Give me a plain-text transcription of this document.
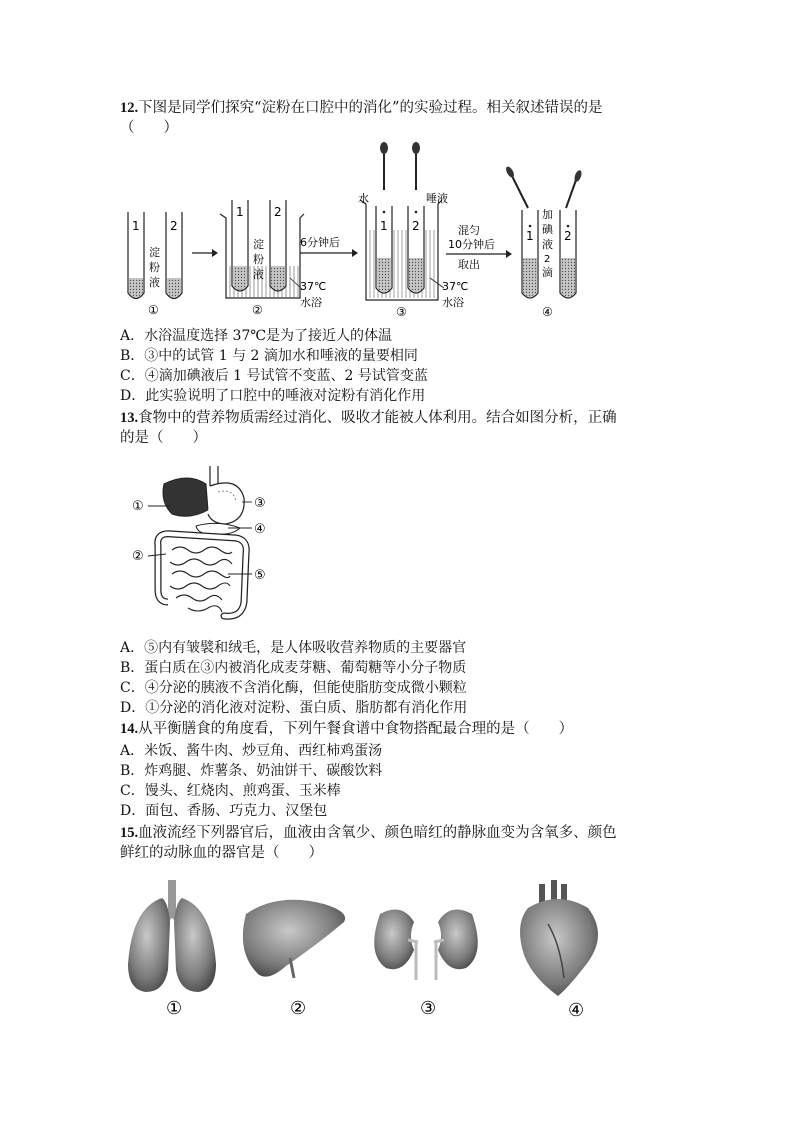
12.下图是同学们探究“淀粉在口腔中的消化”的实验过程。相关叙述错误的是
（　　）
1	2
淀
粉
液
①
1	2
淀
粉
液
37℃
水浴
②
6分钟后
水	唾液
1 2
37℃
水浴
③
混匀
10分钟后
取出
1	2
加
碘
液
2
滴
④
A．水浴温度选择 37℃是为了接近人的体温
B．③中的试管 1 与 2 滴加水和唾液的量要相同
C．④滴加碘液后 1 号试管不变蓝、2 号试管变蓝
D．此实验说明了口腔中的唾液对淀粉有消化作用
13.食物中的营养物质需经过消化、吸收才能被人体利用。结合如图分析，正确
的是（　　）
①
②
③
④
⑤
A．⑤内有皱襞和绒毛，是人体吸收营养物质的主要器官
B．蛋白质在③内被消化成麦芽糖、葡萄糖等小分子物质
C．④分泌的胰液不含消化酶，但能使脂肪变成微小颗粒
D．①分泌的消化液对淀粉、蛋白质、脂肪都有消化作用
14.从平衡膳食的角度看，下列午餐食谱中食物搭配最合理的是（　　）
A．米饭、酱牛肉、炒豆角、西红柿鸡蛋汤
B．炸鸡腿、炸薯条、奶油饼干、碳酸饮料
C．馒头、红烧肉、煎鸡蛋、玉米棒
D．面包、香肠、巧克力、汉堡包
15.血液流经下列器官后，血液由含氧少、颜色暗红的静脉血变为含氧多、颜色
鲜红的动脉血的器官是（　　）
①	②	③	④
